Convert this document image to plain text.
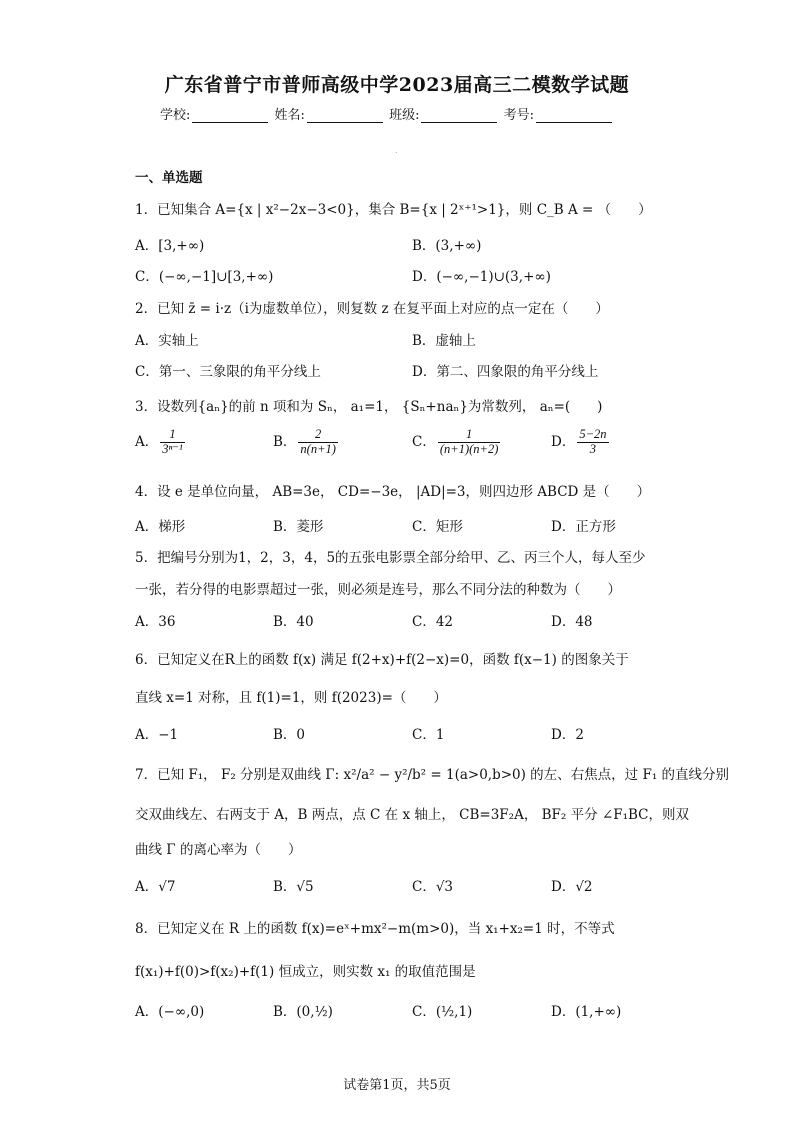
广东省普宁市普师高级中学2023届高三二模数学试题
学校:	姓名:	班级:	考号:
.
一、单选题
1．已知集合 A={x | x²−2x−3<0}，集合 B={x | 2ˣ⁺¹>1}，则 C_B A = （　　）
A．[3,+∞)	B．(3,+∞)
C．(−∞,−1]∪[3,+∞)	D．(−∞,−1)∪(3,+∞)
2．已知 z̄ = i·z（i为虚数单位），则复数 z 在复平面上对应的点一定在（　　）
A．实轴上	B．虚轴上
C．第一、三象限的角平分线上	D．第二、四象限的角平分线上
3．设数列{aₙ}的前 n 项和为 Sₙ， a₁=1， {Sₙ+naₙ}为常数列， aₙ=(　　)
A． $\frac{1}{\text{3ⁿ⁻¹}}$	B． $\frac{2}{n(n+1)}$	C． $\frac{1}{(n+1)(n+2)}$	D． $\frac{5-2n}{3}$
4．设 e 是单位向量， AB=3e， CD=−3e， |AD|=3，则四边形 ABCD 是（　　）
A．梯形	B．菱形	C．矩形	D．正方形
5．把编号分别为1，2，3，4，5的五张电影票全部分给甲、乙、丙三个人，每人至少
一张，若分得的电影票超过一张，则必须是连号，那么不同分法的种数为（　　）
A．36	B．40	C．42	D．48
6．已知定义在R上的函数 f(x) 满足 f(2+x)+f(2−x)=0，函数 f(x−1) 的图象关于
直线 x=1 对称，且 f(1)=1，则 f(2023)=（　　）
A．−1	B．0	C．1	D．2
7．已知 F₁， F₂ 分别是双曲线 Γ: x²/a² − y²/b² = 1(a>0,b>0) 的左、右焦点，过 F₁ 的直线分别
交双曲线左、右两支于 A，B 两点，点 C 在 x 轴上， CB=3F₂A， BF₂ 平分 ∠F₁BC，则双
曲线 Γ 的离心率为（　　）
A．√7	B．√5	C．√3	D．√2
8．已知定义在 R 上的函数 f(x)=eˣ+mx²−m(m>0)，当 x₁+x₂=1 时，不等式
f(x₁)+f(0)>f(x₂)+f(1) 恒成立，则实数 x₁ 的取值范围是
A．(−∞,0)	B．(0,½)	C．(½,1)	D．(1,+∞)
试卷第1页，共5页
